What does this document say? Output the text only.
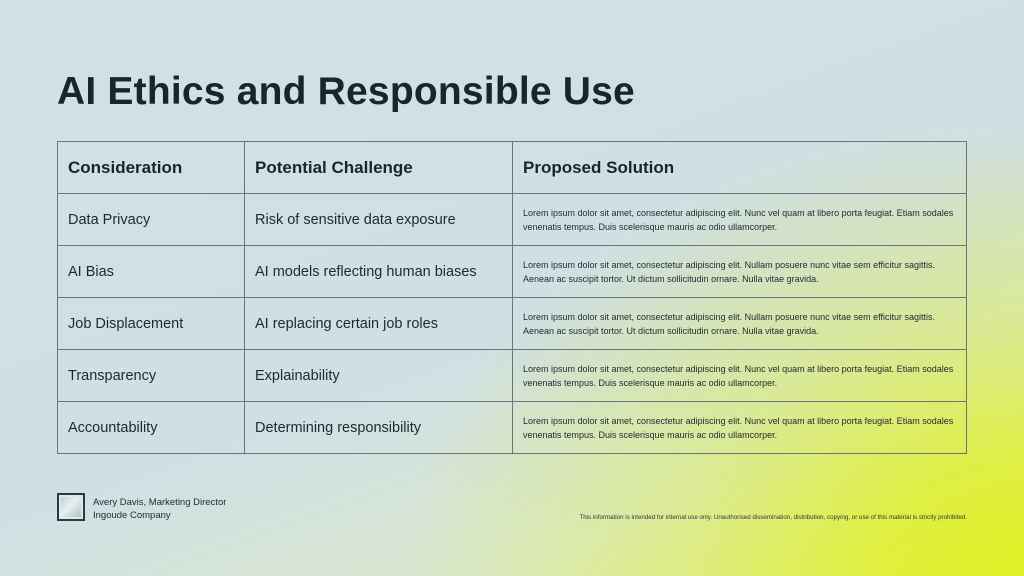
AI Ethics and Responsible Use
Consideration	Potential Challenge	Proposed Solution
Data Privacy	Risk of sensitive data exposure	Lorem ipsum dolor sit amet, consectetur adipiscing elit. Nunc vel quam at libero porta feugiat. Etiam sodales venenatis tempus. Duis scelerisque mauris ac odio ullamcorper.
AI Bias	AI models reflecting human biases	Lorem ipsum dolor sit amet, consectetur adipiscing elit. Nullam posuere nunc vitae sem efficitur sagittis. Aenean ac suscipit tortor. Ut dictum sollicitudin ornare. Nulla vitae gravida.
Job Displacement	AI replacing certain job roles	Lorem ipsum dolor sit amet, consectetur adipiscing elit. Nullam posuere nunc vitae sem efficitur sagittis. Aenean ac suscipit tortor. Ut dictum sollicitudin ornare. Nulla vitae gravida.
Transparency	Explainability	Lorem ipsum dolor sit amet, consectetur adipiscing elit. Nunc vel quam at libero porta feugiat. Etiam sodales venenatis tempus. Duis scelerisque mauris ac odio ullamcorper.
Accountability	Determining responsibility	Lorem ipsum dolor sit amet, consectetur adipiscing elit. Nunc vel quam at libero porta feugiat. Etiam sodales venenatis tempus. Duis scelerisque mauris ac odio ullamcorper.
Avery Davis, Marketing Director
Ingoude Company	This information is intended for internal use only. Unauthorised dissemination, distribution, copying, or use of this material is strictly prohibited.
